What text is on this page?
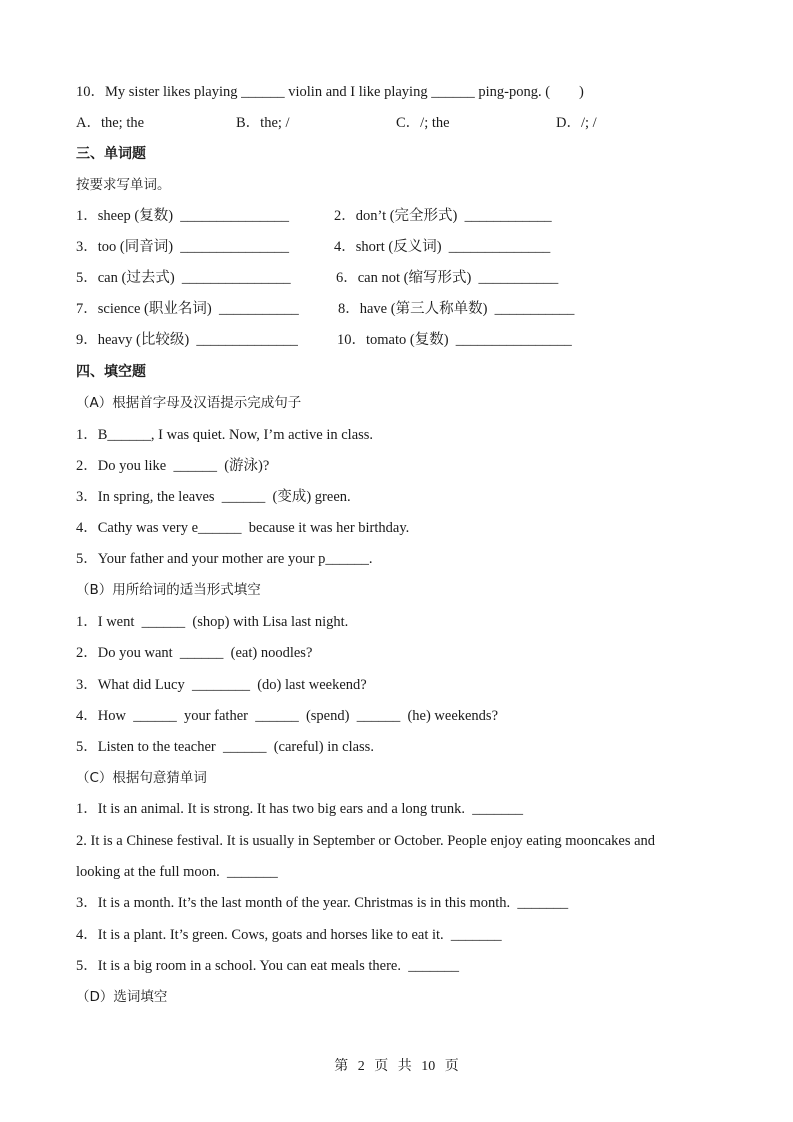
10．My sister likes playing ______ violin and I like playing ______ ping-pong. (        )
A．the; the	B．the; /	C．/; the	D．/; /
三、单词题
按要求写单词。
1．sheep (复数)  _______________	2．don’t (完全形式)  ____________
3．too (同音词)  _______________	4．short (反义词)  ______________
5．can (过去式)  _______________	6．can not (缩写形式)  ___________
7．science (职业名词)  ___________	8．have (第三人称单数)  ___________
9．heavy (比较级)  ______________	10．tomato (复数)  ________________
四、填空题
（A）根据首字母及汉语提示完成句子
1．B______, I was quiet. Now, I’m active in class.
2．Do you like  ______  (游泳)?
3．In spring, the leaves  ______  (变成) green.
4．Cathy was very e______  because it was her birthday.
5．Your father and your mother are your p______.
（B）用所给词的适当形式填空
1．I went  ______  (shop) with Lisa last night.
2．Do you want  ______  (eat) noodles?
3．What did Lucy  ________  (do) last weekend?
4．How  ______  your father  ______  (spend)  ______  (he) weekends?
5．Listen to the teacher  ______  (careful) in class.
（C）根据句意猜单词
1．It is an animal. It is strong. It has two big ears and a long trunk.  _______
2. It is a Chinese festival. It is usually in September or October. People enjoy eating mooncakes and
looking at the full moon.  _______
3．It is a month. It’s the last month of the year. Christmas is in this month.  _______
4．It is a plant. It’s green. Cows, goats and horses like to eat it.  _______
5．It is a big room in a school. You can eat meals there.  _______
（D）选词填空
第 2 页 共 10 页
